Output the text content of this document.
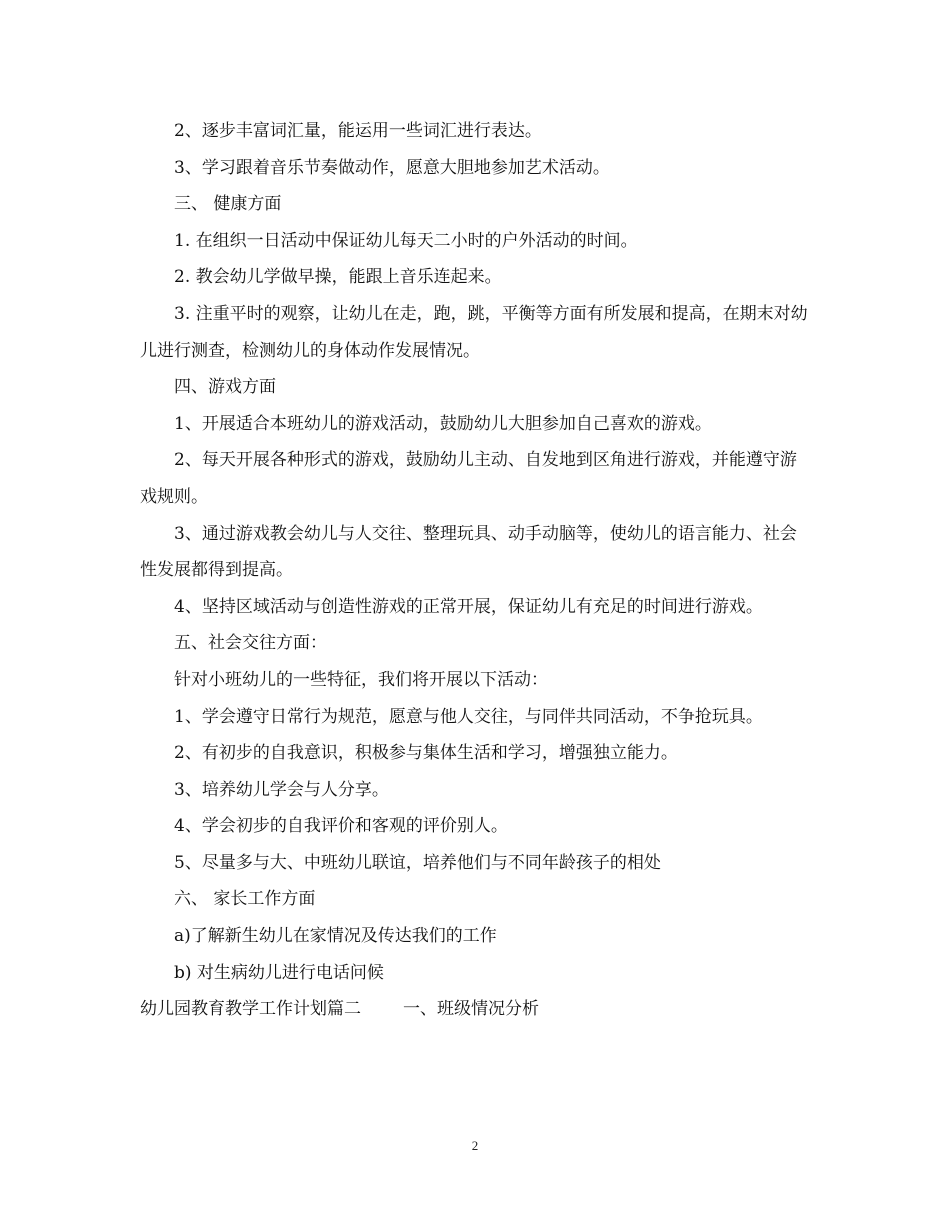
2、逐步丰富词汇量，能运用一些词汇进行表达。

3、学习跟着音乐节奏做动作，愿意大胆地参加艺术活动。

三、 健康方面

1. 在组织一日活动中保证幼儿每天二小时的户外活动的时间。

2. 教会幼儿学做早操，能跟上音乐连起来。

3. 注重平时的观察，让幼儿在走，跑，跳，平衡等方面有所发展和提高，在期末对幼儿进行测查，检测幼儿的身体动作发展情况。

四、游戏方面

1、开展适合本班幼儿的游戏活动，鼓励幼儿大胆参加自己喜欢的游戏。

2、每天开展各种形式的游戏，鼓励幼儿主动、自发地到区角进行游戏，并能遵守游戏规则。

3、通过游戏教会幼儿与人交往、整理玩具、动手动脑等，使幼儿的语言能力、社会性发展都得到提高。

4、坚持区域活动与创造性游戏的正常开展，保证幼儿有充足的时间进行游戏。

五、社会交往方面：

针对小班幼儿的一些特征，我们将开展以下活动：

1、学会遵守日常行为规范，愿意与他人交往，与同伴共同活动，不争抢玩具。

2、有初步的自我意识，积极参与集体生活和学习，增强独立能力。

3、培养幼儿学会与人分享。

4、学会初步的自我评价和客观的评价别人。

5、尽量多与大、中班幼儿联谊，培养他们与不同年龄孩子的相处

六、 家长工作方面

a)了解新生幼儿在家情况及传达我们的工作

b) 对生病幼儿进行电话问候

幼儿园教育教学工作计划篇二 一、班级情况分析

2
